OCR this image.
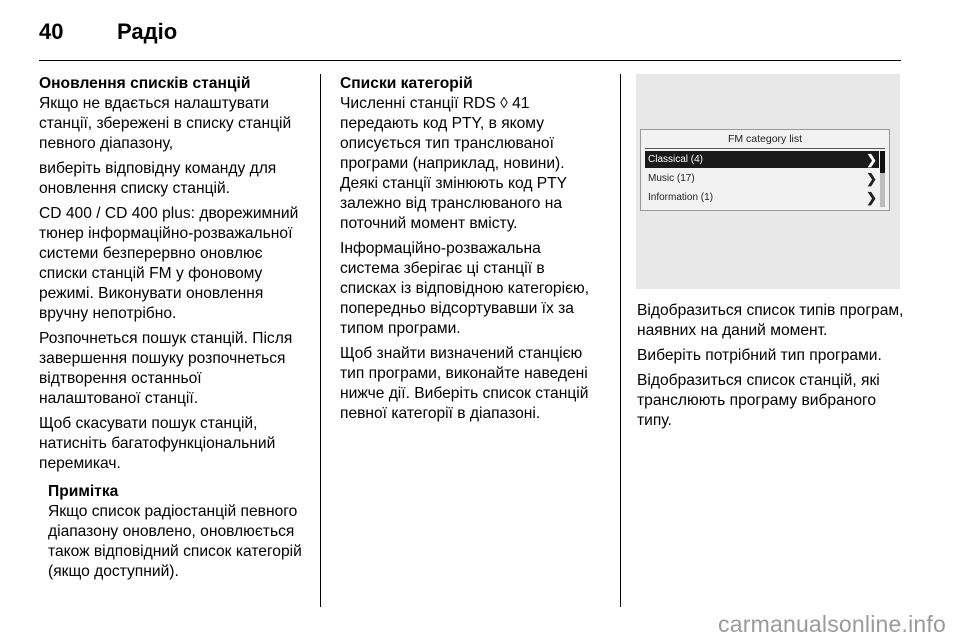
40 Радіо

Оновлення списків станцій

Якщо не вдається налаштувати станції, збережені в списку станцій певного діапазону,

виберіть відповідну команду для оновлення списку станцій.

CD 400 / CD 400 plus: дворежимний тюнер інформаційно-розважальної системи безперервно оновлює списки станцій FM у фоновому режимі. Виконувати оновлення вручну непотрібно.

Розпочнеться пошук станцій. Після завершення пошуку розпочнеться відтворення останньої налаштованої станції.

Щоб скасувати пошук станцій, натисніть багатофункціональний перемикач.

Примітка

Якщо список радіостанцій певного діапазону оновлено, оновлюється також відповідний список категорій (якщо доступний).

Списки категорій

Численні станції RDS ◊ 41 передають код PTY, в якому описується тип транслюваної програми (наприклад, новини). Деякі станції змінюють код PTY залежно від транслюваного на поточний момент вмісту.

Інформаційно-розважальна система зберігає ці станції в списках із відповідною категорією, попередньо відсортувавши їх за типом програми.

Щоб знайти визначений станцією тип програми, виконайте наведені нижче дії. Виберіть список станцій певної категорії в діапазоні.

FM category list
Classical (4)	❯
Music (17)	❯
Information (1)	❯

Відобразиться список типів програм, наявних на даний момент.

Виберіть потрібний тип програми.

Відобразиться список станцій, які транслюють програму вибраного типу.

carmanualsonline.info
